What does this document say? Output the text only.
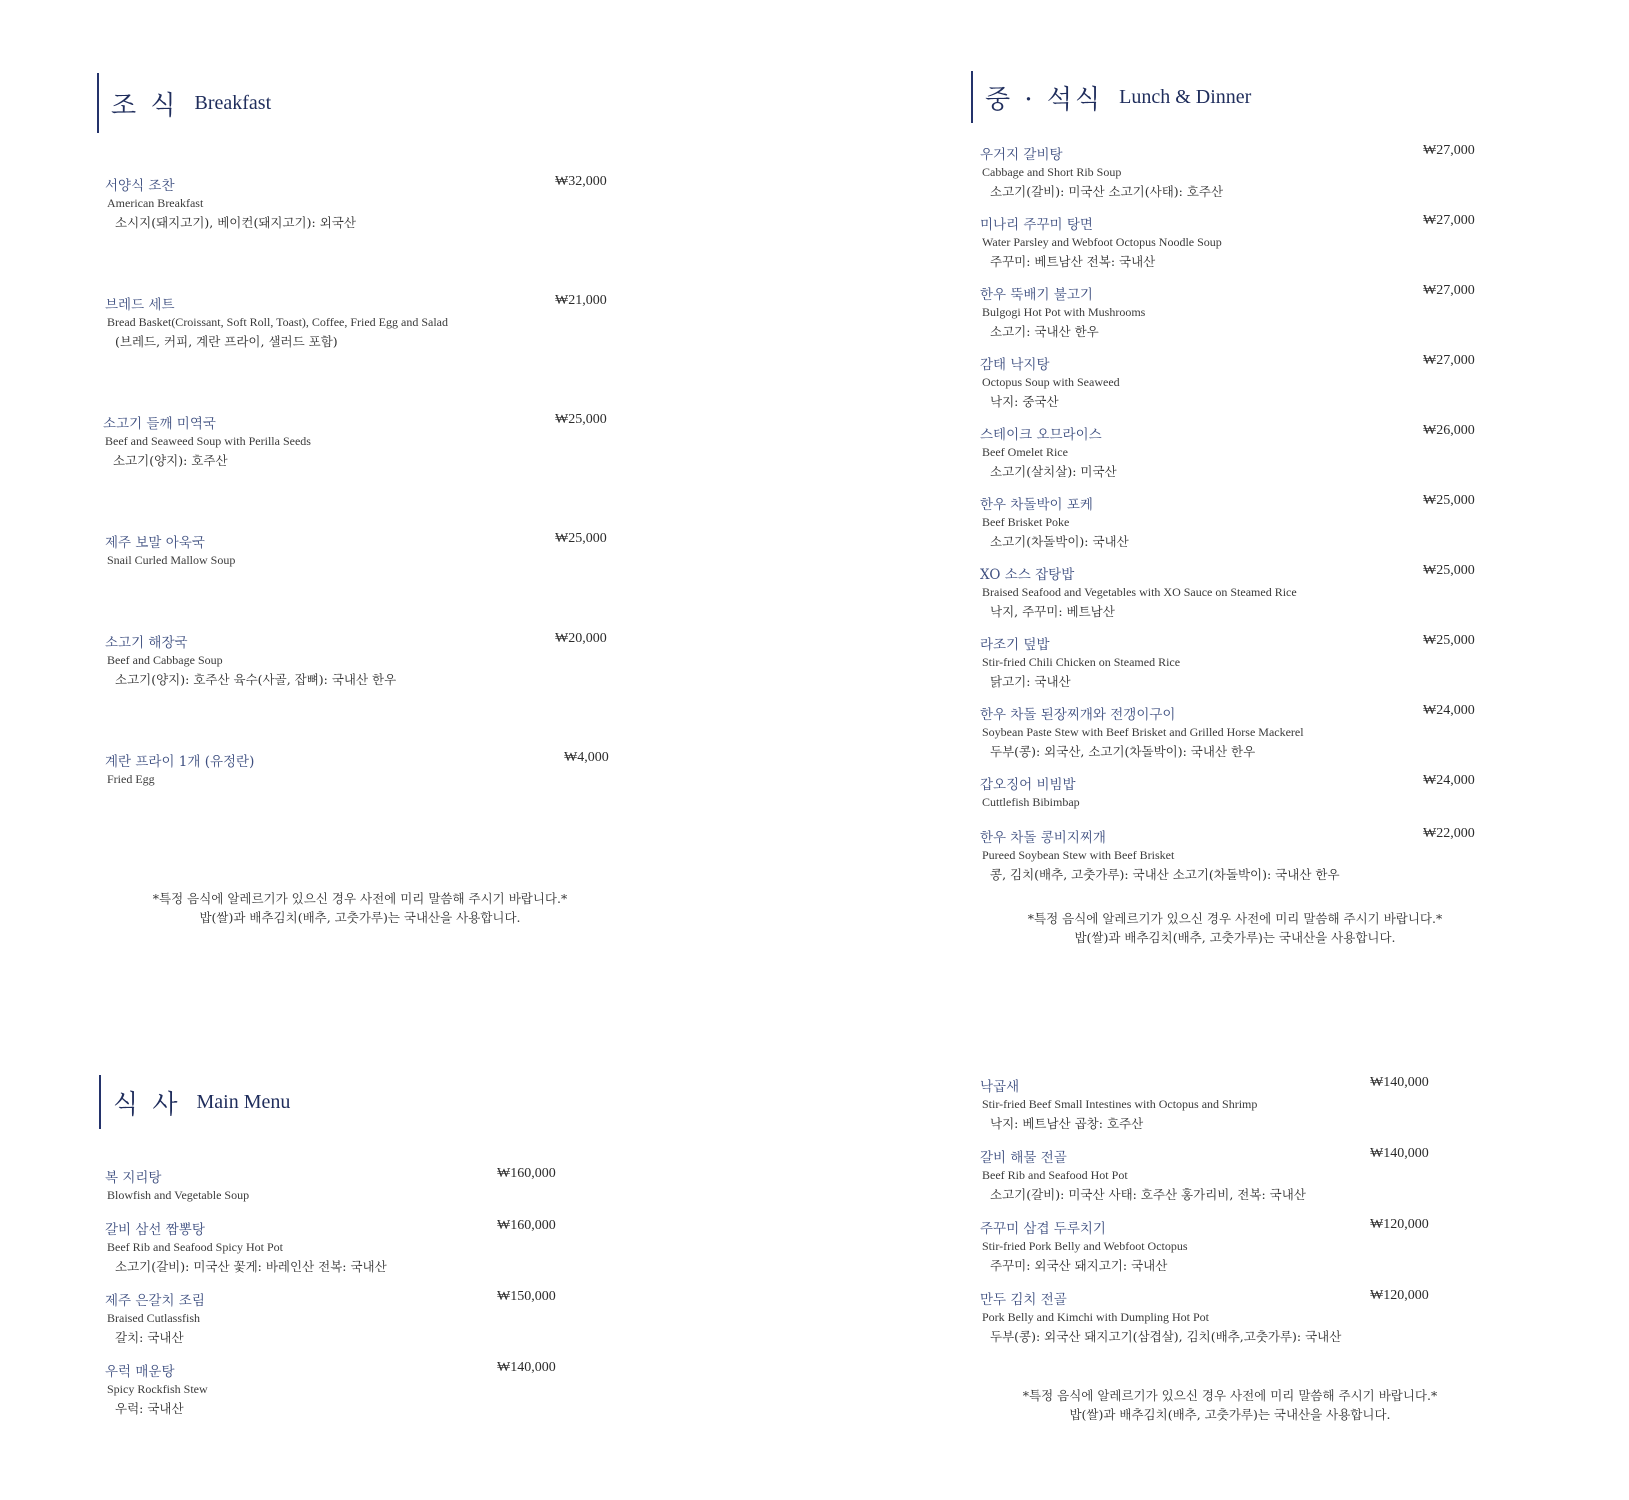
조 식 Breakfast
서양식 조찬
American Breakfast
소시지(돼지고기), 베이컨(돼지고기): 외국산
₩32,000
브레드 세트
Bread Basket(Croissant, Soft Roll, Toast), Coffee, Fried Egg and Salad
(브레드, 커피, 계란 프라이, 샐러드 포함)
₩21,000
소고기 들깨 미역국
Beef and Seaweed Soup with Perilla Seeds
소고기(양지): 호주산
₩25,000
제주 보말 아욱국
Snail Curled Mallow Soup
₩25,000
소고기 해장국
Beef and Cabbage Soup
소고기(양지): 호주산 육수(사골, 잡뼈): 국내산 한우
₩20,000
계란 프라이 1개 (유정란)
Fried Egg
₩4,000
*특정 음식에 알레르기가 있으신 경우 사전에 미리 말씀해 주시기 바랍니다.*
밥(쌀)과 배추김치(배추, 고춧가루)는 국내산을 사용합니다.
중 · 석식 Lunch & Dinner
우거지 갈비탕
Cabbage and Short Rib Soup
소고기(갈비): 미국산 소고기(사태): 호주산
₩27,000
미나리 주꾸미 탕면
Water Parsley and Webfoot Octopus Noodle Soup
주꾸미: 베트남산 전복: 국내산
₩27,000
한우 뚝배기 불고기
Bulgogi Hot Pot with Mushrooms
소고기: 국내산 한우
₩27,000
감태 낙지탕
Octopus Soup with Seaweed
낙지: 중국산
₩27,000
스테이크 오므라이스
Beef Omelet Rice
소고기(살치살): 미국산
₩26,000
한우 차돌박이 포케
Beef Brisket Poke
소고기(차돌박이): 국내산
₩25,000
XO 소스 잡탕밥
Braised Seafood and Vegetables with XO Sauce on Steamed Rice
낙지, 주꾸미: 베트남산
₩25,000
라조기 덮밥
Stir-fried Chili Chicken on Steamed Rice
닭고기: 국내산
₩25,000
한우 차돌 된장찌개와 전갱이구이
Soybean Paste Stew with Beef Brisket and Grilled Horse Mackerel
두부(콩): 외국산, 소고기(차돌박이): 국내산 한우
₩24,000
갑오징어 비빔밥
Cuttlefish Bibimbap
₩24,000
한우 차돌 콩비지찌개
Pureed Soybean Stew with Beef Brisket
콩, 김치(배추, 고춧가루): 국내산 소고기(차돌박이): 국내산 한우
₩22,000
*특정 음식에 알레르기가 있으신 경우 사전에 미리 말씀해 주시기 바랍니다.*
밥(쌀)과 배추김치(배추, 고춧가루)는 국내산을 사용합니다.
식 사 Main Menu
복 지리탕
Blowfish and Vegetable Soup
₩160,000
갈비 삼선 짬뽕탕
Beef Rib and Seafood Spicy Hot Pot
소고기(갈비): 미국산 꽃게: 바레인산 전복: 국내산
₩160,000
제주 은갈치 조림
Braised Cutlassfish
갈치: 국내산
₩150,000
우럭 매운탕
Spicy Rockfish Stew
우럭: 국내산
₩140,000
낙곱새
Stir-fried Beef Small Intestines with Octopus and Shrimp
낙지: 베트남산 곱창: 호주산
₩140,000
갈비 해물 전골
Beef Rib and Seafood Hot Pot
소고기(갈비): 미국산 사태: 호주산 홍가리비, 전복: 국내산
₩140,000
주꾸미 삼겹 두루치기
Stir-fried Pork Belly and Webfoot Octopus
주꾸미: 외국산 돼지고기: 국내산
₩120,000
만두 김치 전골
Pork Belly and Kimchi with Dumpling Hot Pot
두부(콩): 외국산 돼지고기(삼겹살), 김치(배추,고춧가루): 국내산
₩120,000
*특정 음식에 알레르기가 있으신 경우 사전에 미리 말씀해 주시기 바랍니다.*
밥(쌀)과 배추김치(배추, 고춧가루)는 국내산을 사용합니다.
